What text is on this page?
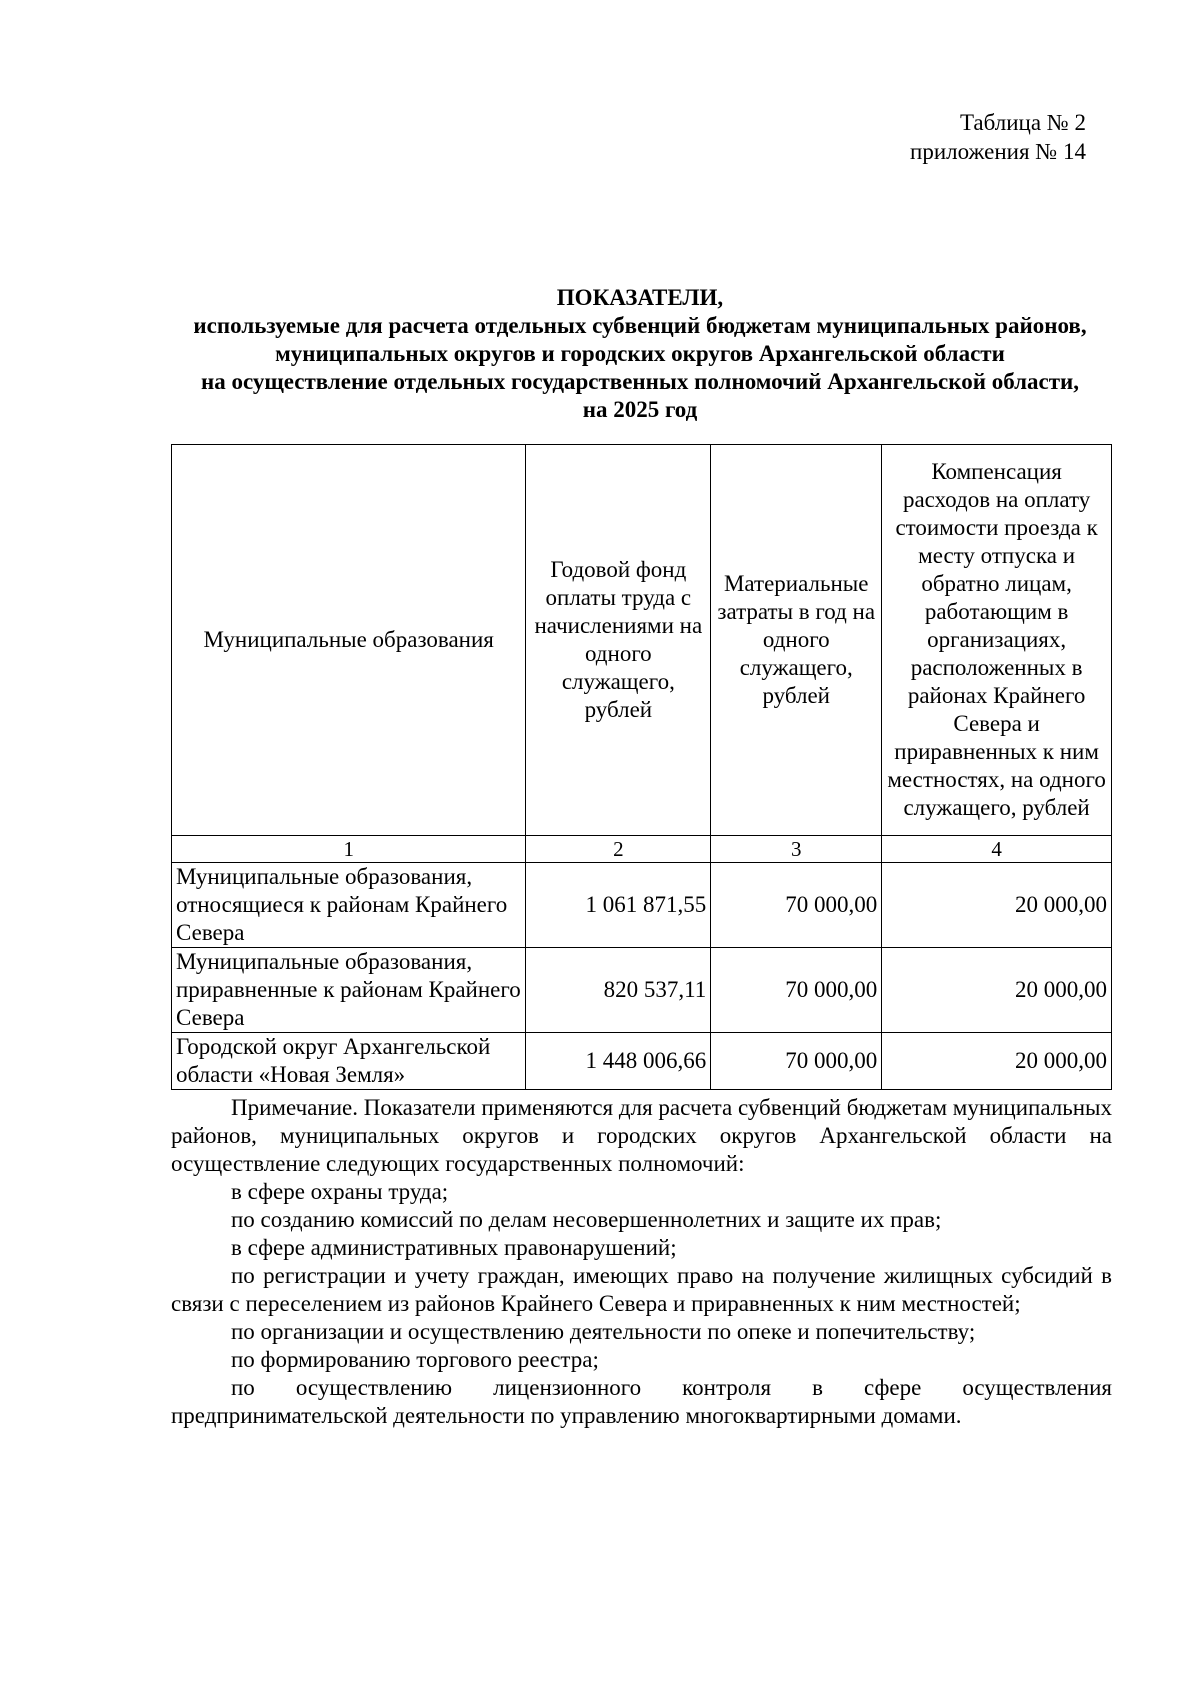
Таблица № 2
приложения № 14
ПОКАЗАТЕЛИ,
используемые для расчета отдельных субвенций бюджетам муниципальных районов,
муниципальных округов и городских округов Архангельской области
на осуществление отдельных государственных полномочий Архангельской области,
на 2025 год
Муниципальные образования	Годовой фонд оплаты труда с начислениями на одного служащего, рублей	Материальные затраты в год на одного служащего, рублей	Компенсация расходов на оплату стоимости проезда к месту отпуска и обратно лицам, работающим в организациях, расположенных в районах Крайнего Севера и приравненных к ним местностях, на одного служащего, рублей
1	2	3	4
Муниципальные образования, относящиеся к районам Крайнего Севера	1 061 871,55	70 000,00	20 000,00
Муниципальные образования, приравненные к районам Крайнего Севера	820 537,11	70 000,00	20 000,00
Городской округ Архангельской области «Новая Земля»	1 448 006,66	70 000,00	20 000,00

Примечание. Показатели применяются для расчета субвенций бюджетам муниципальных районов, муниципальных округов и городских округов Архангельской области на осуществление следующих государственных полномочий:

в сфере охраны труда;

по созданию комиссий по делам несовершеннолетних и защите их прав;

в сфере административных правонарушений;

по регистрации и учету граждан, имеющих право на получение жилищных субсидий в связи с переселением из районов Крайнего Севера и приравненных к ним местностей;

по организации и осуществлению деятельности по опеке и попечительству;

по формированию торгового реестра;

по осуществлению лицензионного контроля в сфере осуществления предпринимательской деятельности по управлению многоквартирными домами.
